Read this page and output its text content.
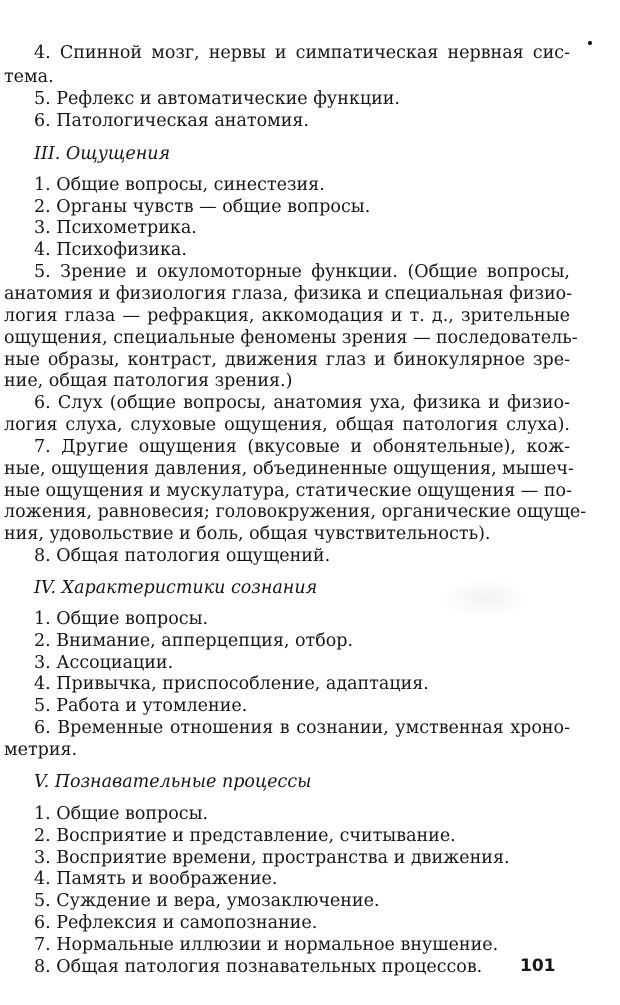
4. Спинной мозг, нервы и симпатическая нервная сис-
тема.
5. Рефлекс и автоматические функции.
6. Патологическая анатомия.
III. Ощущения
1. Общие вопросы, синестезия.
2. Органы чувств — общие вопросы.
3. Психометрика.
4. Психофизика.
5. Зрение и окуломоторные функции. (Общие вопросы,
анатомия и физиология глаза, физика и специальная физио-
логия глаза — рефракция, аккомодация и т. д., зрительные
ощущения, специальные феномены зрения — последователь-
ные образы, контраст, движения глаз и бинокулярное зре-
ние, общая патология зрения.)
6. Слух (общие вопросы, анатомия уха, физика и физио-
логия слуха, слуховые ощущения, общая патология слуха).
7. Другие ощущения (вкусовые и обонятельные), кож-
ные, ощущения давления, объединенные ощущения, мышеч-
ные ощущения и мускулатура, статические ощущения — по-
ложения, равновесия; головокружения, органические ощуще-
ния, удовольствие и боль, общая чувствительность).
8. Общая патология ощущений.
IV. Характеристики сознания
1. Общие вопросы.
2. Внимание, апперцепция, отбор.
3. Ассоциации.
4. Привычка, приспособление, адаптация.
5. Работа и утомление.
6. Временные отношения в сознании, умственная хроно-
метрия.
V. Познавательные процессы
1. Общие вопросы.
2. Восприятие и представление, считывание.
3. Восприятие времени, пространства и движения.
4. Память и воображение.
5. Суждение и вера, умозаключение.
6. Рефлексия и самопознание.
7. Нормальные иллюзии и нормальное внушение.
8. Общая патология познавательных процессов.	101
